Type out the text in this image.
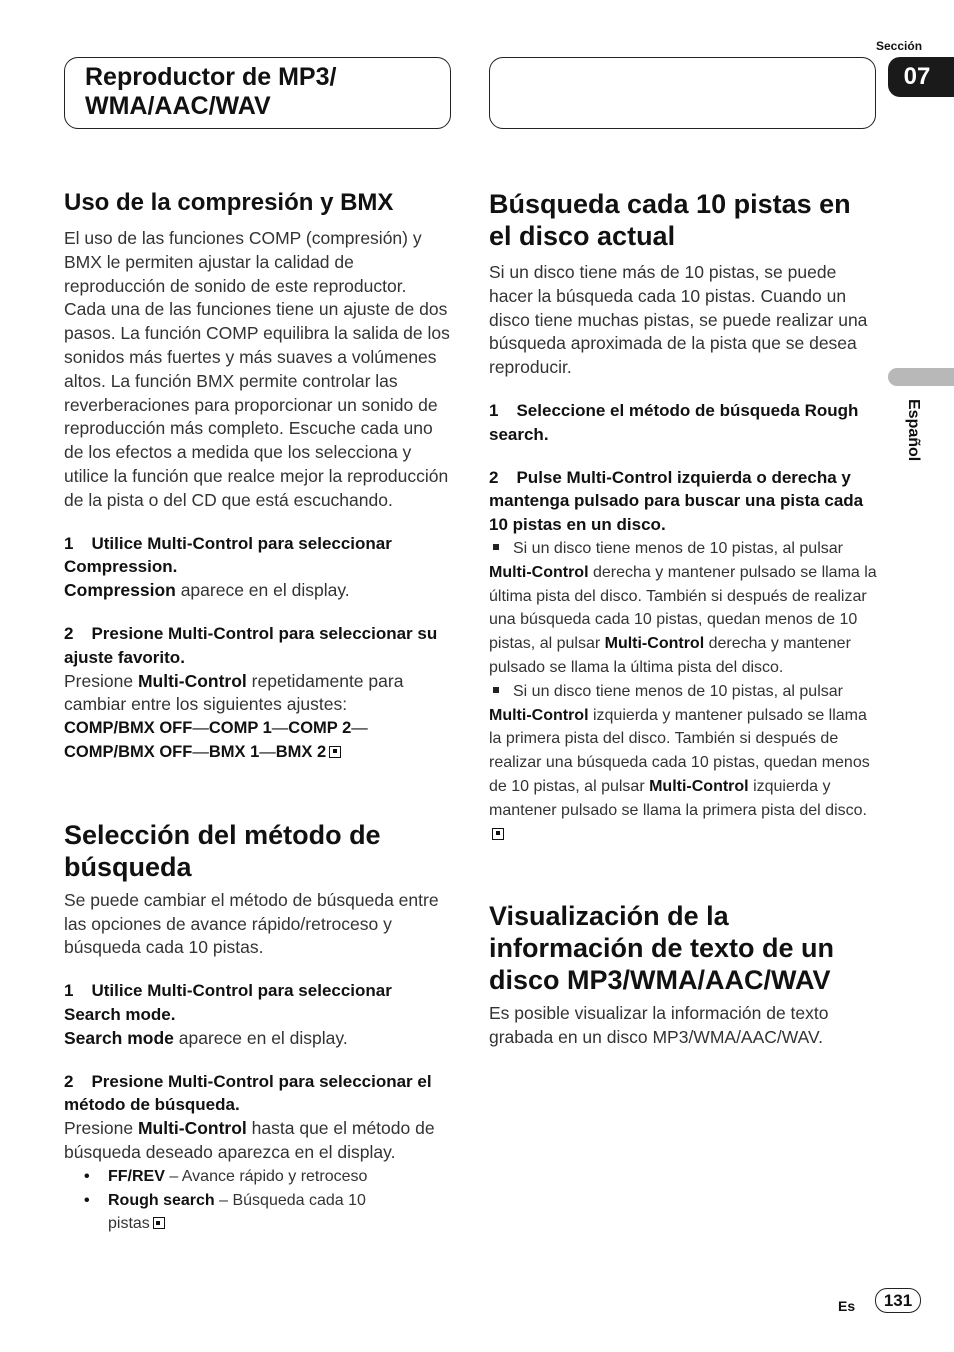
Reproductor de MP3/ WMA/AAC/WAV
Sección
07
Español
Uso de la compresión y BMX

El uso de las funciones COMP (compresión) y BMX le permiten ajustar la calidad de reproducción de sonido de este reproductor. Cada una de las funciones tiene un ajuste de dos pasos. La función COMP equilibra la salida de los sonidos más fuertes y más suaves a volúmenes altos. La función BMX permite controlar las reverberaciones para proporcionar un sonido de reproducción más completo. Escuche cada uno de los efectos a medida que los selecciona y utilice la función que realce mejor la reproducción de la pista o del CD que está escuchando.

1 Utilice Multi-Control para seleccionar Compression.

Compression aparece en el display.

2 Presione Multi-Control para seleccionar su ajuste favorito.

Presione Multi-Control repetidamente para cambiar entre los siguientes ajustes:

COMP/BMX OFF—COMP 1—COMP 2—
COMP/BMX OFF—BMX 1—BMX 2

Selección del método de búsqueda

Se puede cambiar el método de búsqueda entre las opciones de avance rápido/retroceso y búsqueda cada 10 pistas.

1 Utilice Multi-Control para seleccionar Search mode.

Search mode aparece en el display.

2 Presione Multi-Control para seleccionar el método de búsqueda.

Presione Multi-Control hasta que el método de búsqueda deseado aparezca en el display.

• FF/REV – Avance rápido y retroceso
• Rough search – Búsqueda cada 10 pistas
Búsqueda cada 10 pistas en el disco actual

Si un disco tiene más de 10 pistas, se puede hacer la búsqueda cada 10 pistas. Cuando un disco tiene muchas pistas, se puede realizar una búsqueda aproximada de la pista que se desea reproducir.

1 Seleccione el método de búsqueda Rough search.

2 Pulse Multi-Control izquierda o derecha y mantenga pulsado para buscar una pista cada 10 pistas en un disco.

Si un disco tiene menos de 10 pistas, al pulsar Multi-Control derecha y mantener pulsado se llama la última pista del disco. También si después de realizar una búsqueda cada 10 pistas, quedan menos de 10 pistas, al pulsar Multi-Control derecha y mantener pulsado se llama la última pista del disco.

Si un disco tiene menos de 10 pistas, al pulsar Multi-Control izquierda y mantener pulsado se llama la primera pista del disco. También si después de realizar una búsqueda cada 10 pistas, quedan menos de 10 pistas, al pulsar Multi-Control izquierda y mantener pulsado se llama la primera pista del disco.

Visualización de la información de texto de un disco MP3/WMA/AAC/WAV

Es posible visualizar la información de texto grabada en un disco MP3/WMA/AAC/WAV.

Es	131
